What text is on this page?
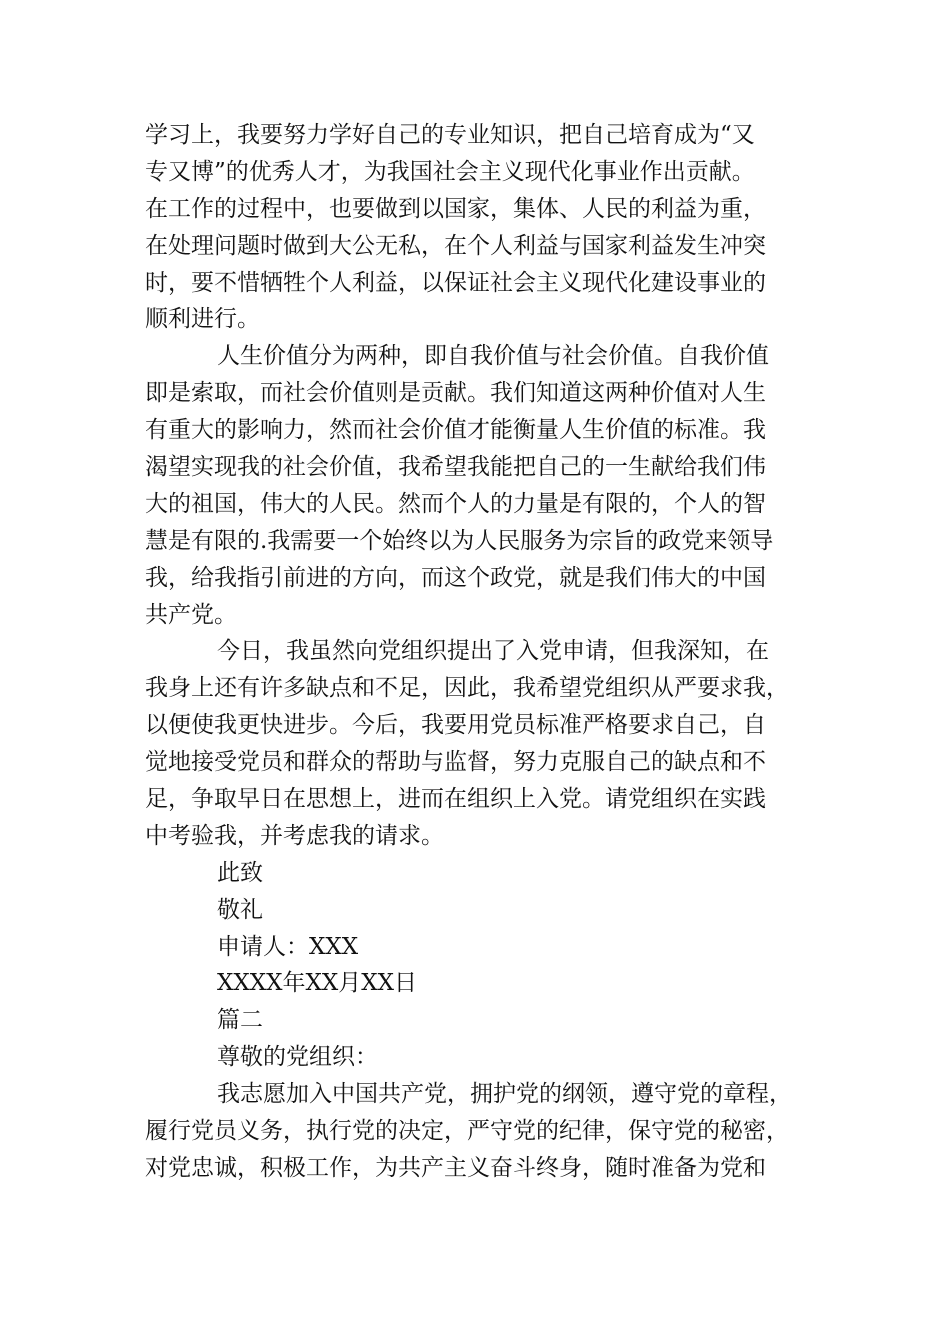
学习上，我要努力学好自己的专业知识，把自己培育成为“又
专又博”的优秀人才，为我国社会主义现代化事业作出贡献。
在工作的过程中，也要做到以国家，集体、人民的利益为重，
在处理问题时做到大公无私，在个人利益与国家利益发生冲突
时，要不惜牺牲个人利益，以保证社会主义现代化建设事业的
顺利进行。
人生价值分为两种，即自我价值与社会价值。自我价值
即是索取，而社会价值则是贡献。我们知道这两种价值对人生
有重大的影响力，然而社会价值才能衡量人生价值的标准。我
渴望实现我的社会价值，我希望我能把自己的一生献给我们伟
大的祖国，伟大的人民。然而个人的力量是有限的，个人的智
慧是有限的.我需要一个始终以为人民服务为宗旨的政党来领导
我，给我指引前进的方向，而这个政党，就是我们伟大的中国
共产党。
今日，我虽然向党组织提出了入党申请，但我深知，在
我身上还有许多缺点和不足，因此，我希望党组织从严要求我，
以便使我更快进步。今后，我要用党员标准严格要求自己，自
觉地接受党员和群众的帮助与监督，努力克服自己的缺点和不
足，争取早日在思想上，进而在组织上入党。请党组织在实践
中考验我，并考虑我的请求。
此致
敬礼
申请人：XXX
XXXX年XX月XX日
篇二
尊敬的党组织：
我志愿加入中国共产党，拥护党的纲领，遵守党的章程，
履行党员义务，执行党的决定，严守党的纪律，保守党的秘密，
对党忠诚，积极工作，为共产主义奋斗终身，随时准备为党和
